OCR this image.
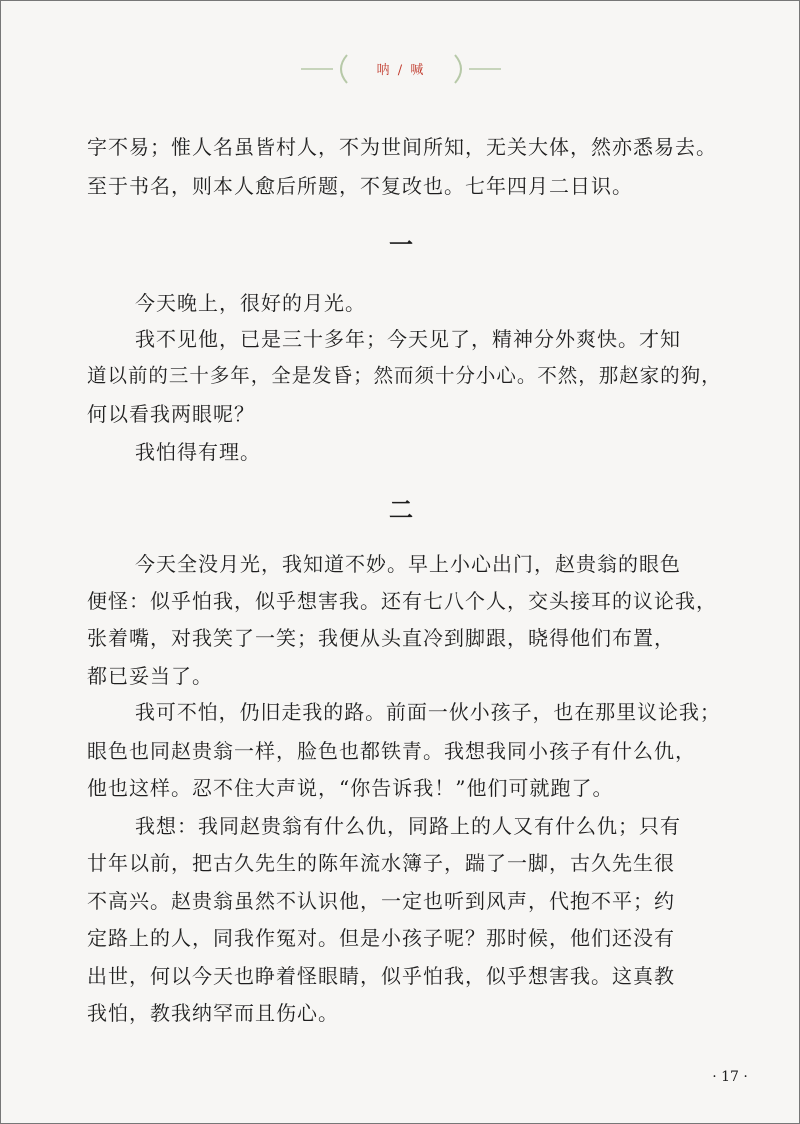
呐 / 喊
字不易；惟人名虽皆村人，不为世间所知，无关大体，然亦悉易去。
至于书名，则本人愈后所题，不复改也。七年四月二日识。
一
今天晚上，很好的月光。
我不见他，已是三十多年；今天见了，精神分外爽快。才知
道以前的三十多年，全是发昏；然而须十分小心。不然，那赵家的狗，
何以看我两眼呢？
我怕得有理。
二
今天全没月光，我知道不妙。早上小心出门，赵贵翁的眼色
便怪：似乎怕我，似乎想害我。还有七八个人，交头接耳的议论我，
张着嘴，对我笑了一笑；我便从头直冷到脚跟，晓得他们布置，
都已妥当了。
我可不怕，仍旧走我的路。前面一伙小孩子，也在那里议论我；
眼色也同赵贵翁一样，脸色也都铁青。我想我同小孩子有什么仇，
他也这样。忍不住大声说，“你告诉我！”他们可就跑了。
我想：我同赵贵翁有什么仇，同路上的人又有什么仇；只有
廿年以前，把古久先生的陈年流水簿子，踹了一脚，古久先生很
不高兴。赵贵翁虽然不认识他，一定也听到风声，代抱不平；约
定路上的人，同我作冤对。但是小孩子呢？那时候，他们还没有
出世，何以今天也睁着怪眼睛，似乎怕我，似乎想害我。这真教
我怕，教我纳罕而且伤心。
· 17 ·
